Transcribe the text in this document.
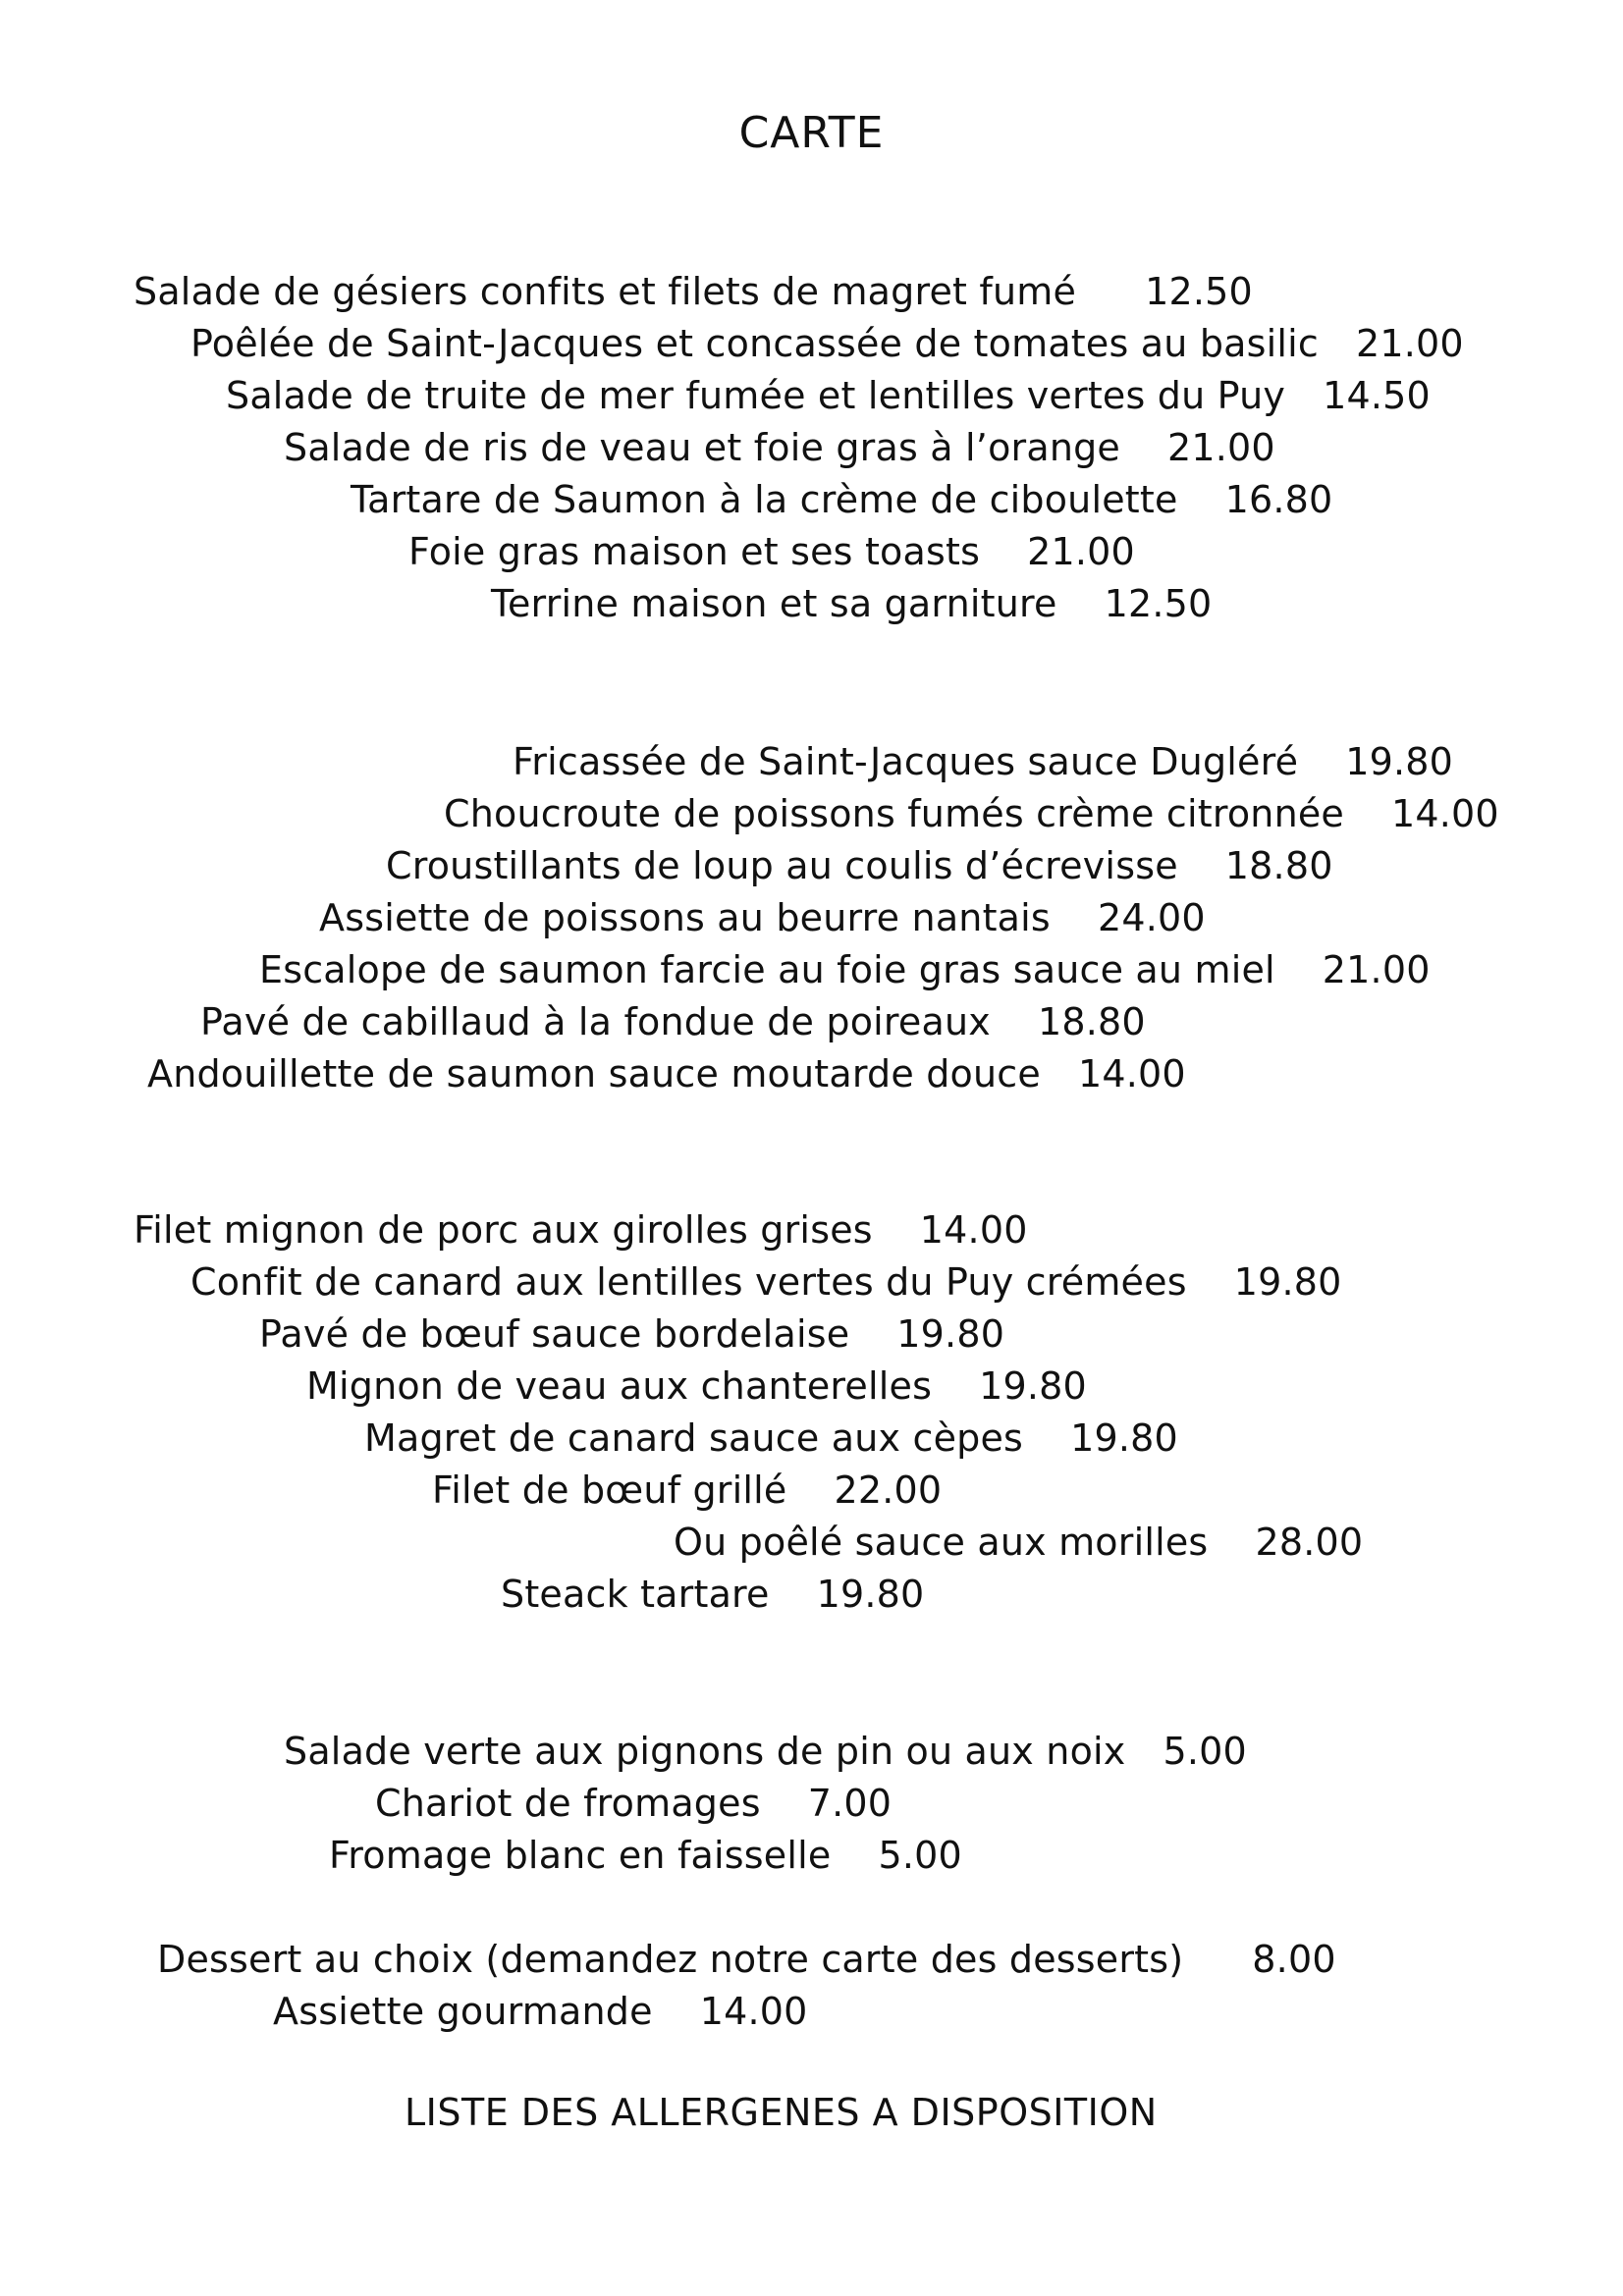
CARTE
Salade de gésiers confits et filets de magret fumé 12.50
Poêlée de Saint-Jacques et concassée de tomates au basilic 21.00
Salade de truite de mer fumée et lentilles vertes du Puy 14.50
Salade de ris de veau et foie gras à l’orange 21.00
Tartare de Saumon à la crème de ciboulette 16.80
Foie gras maison et ses toasts 21.00
Terrine maison et sa garniture 12.50
Fricassée de Saint-Jacques sauce Dugléré 19.80
Choucroute de poissons fumés crème citronnée 14.00
Croustillants de loup au coulis d’écrevisse 18.80
Assiette de poissons au beurre nantais 24.00
Escalope de saumon farcie au foie gras sauce au miel 21.00
Pavé de cabillaud à la fondue de poireaux 18.80
Andouillette de saumon sauce moutarde douce 14.00
Filet mignon de porc aux girolles grises 14.00
Confit de canard aux lentilles vertes du Puy crémées 19.80
Pavé de bœuf sauce bordelaise 19.80
Mignon de veau aux chanterelles 19.80
Magret de canard sauce aux cèpes 19.80
Filet de bœuf grillé 22.00
Ou poêlé sauce aux morilles 28.00
Steack tartare 19.80
Salade verte aux pignons de pin ou aux noix 5.00
Chariot de fromages 7.00
Fromage blanc en faisselle 5.00
Dessert au choix (demandez notre carte des desserts) 8.00
Assiette gourmande 14.00
LISTE DES ALLERGENES A DISPOSITION
